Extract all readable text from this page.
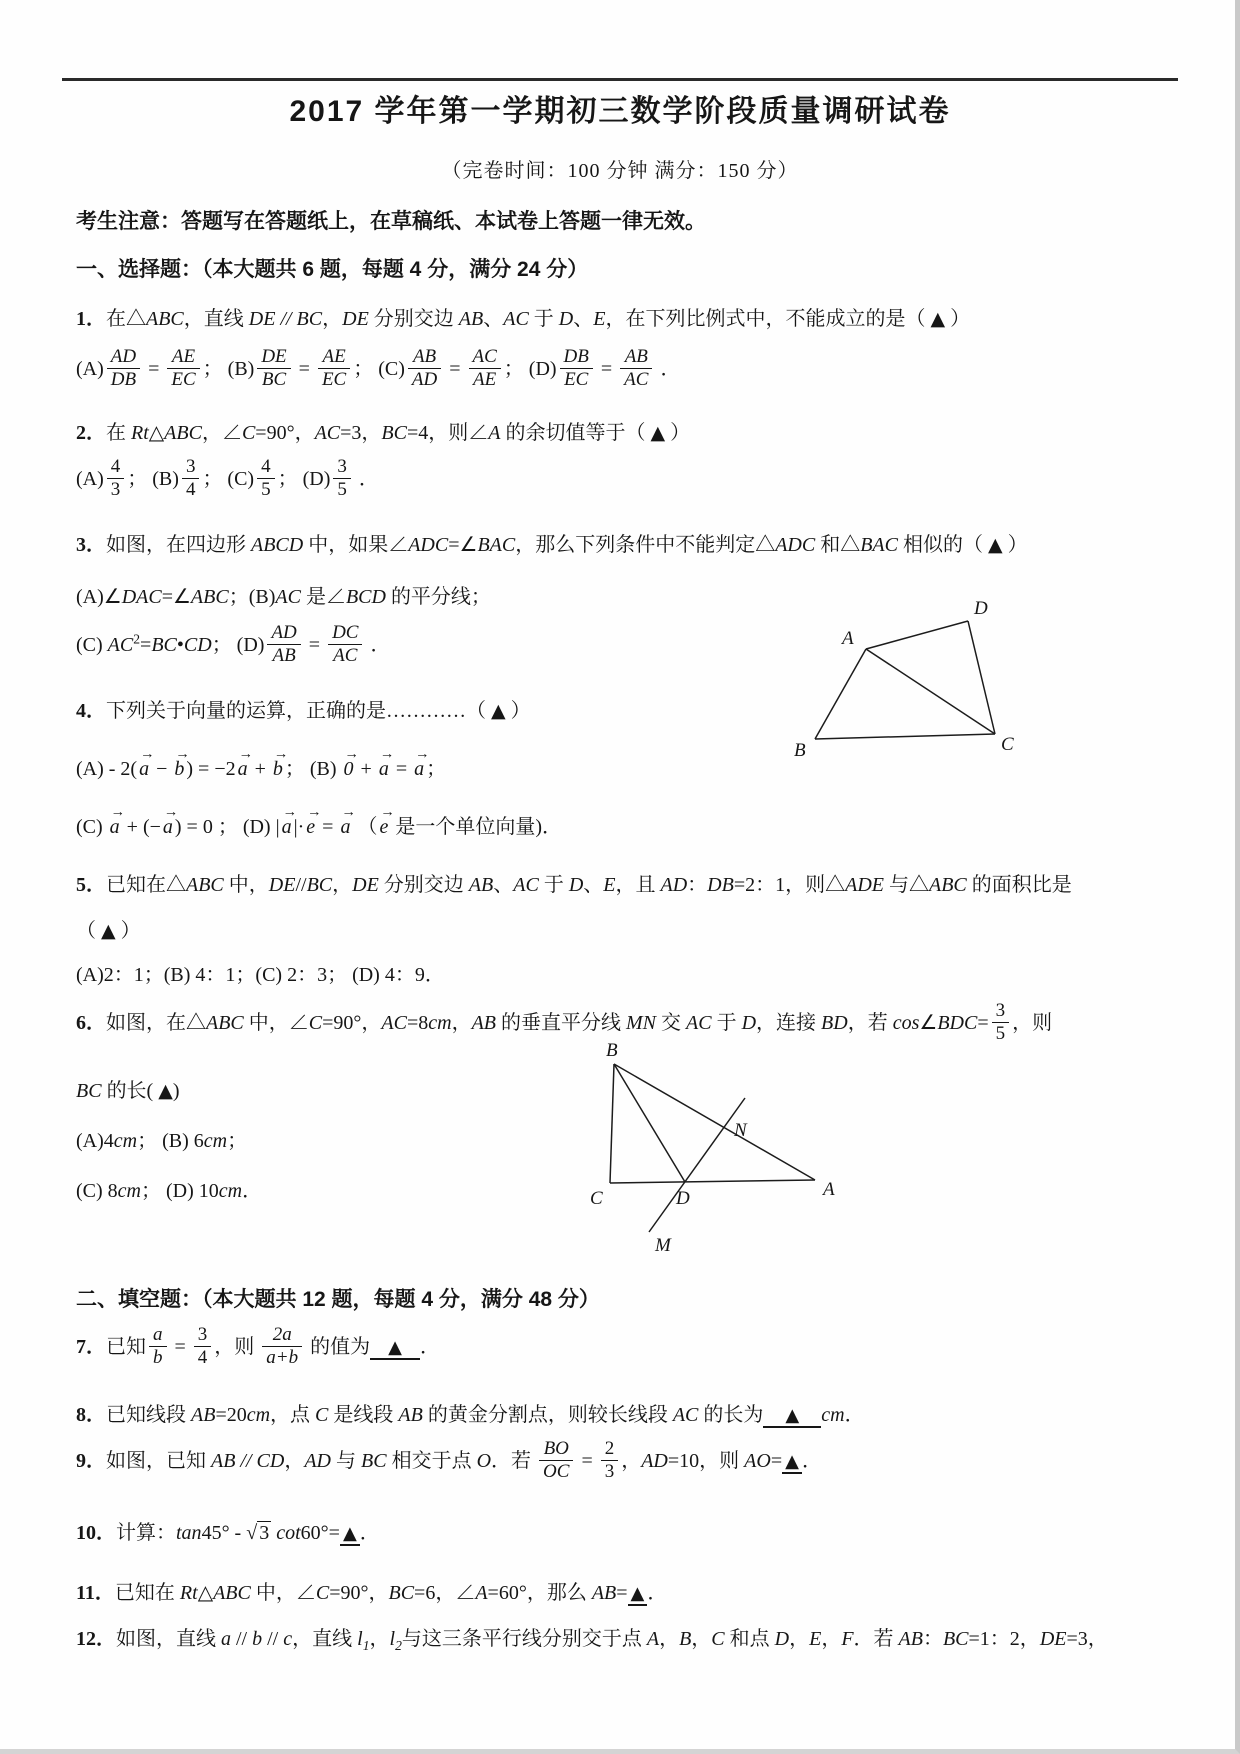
2017 学年第一学期初三数学阶段质量调研试卷
（完卷时间：100 分钟 满分：150 分）
考生注意：答题写在答题纸上，在草稿纸、本试卷上答题一律无效。
一、选择题：（本大题共 6 题，每题 4 分，满分 24 分）
1．在△ABC，直线 DE // BC，DE 分别交边 AB、AC 于 D、E，在下列比例式中，不能成立的是（ ▲ ）
$(A) \frac{AD}{DB} = \frac{AE}{EC}$ ； $(B) \frac{DE}{BC} = \frac{AE}{EC}$ ； $(C) \frac{AB}{AD} = \frac{AC}{AE}$ ； $(D) \frac{DB}{EC} = \frac{AB}{AC}$ ．
2．在 Rt△ABC，∠C=90°，AC=3，BC=4，则∠A 的余切值等于（ ▲ ）
$(A) \frac{4}{3}$ ； $(B) \frac{3}{4}$ ； $(C) \frac{4}{5}$ ； $(D) \frac{3}{5}$ ．
3．如图，在四边形 ABCD 中，如果∠ADC=∠BAC，那么下列条件中不能判定△ADC 和△BAC 相似的（ ▲ ）
(A)∠DAC=∠ABC；(B)AC 是∠BCD 的平分线；
(C) $AC^2=BC•CD$； $(D) \frac{AD}{AB} = \frac{DC}{AC}$ ．
4．下列关于向量的运算，正确的是…………（ ▲ ）
(A) - 2(
→
a −
→
b ) = −2
→
a +
→
b ； (B)
→
0 +
→
a =
→
a ；
(C)
→
a + (−
→
a ) = 0 ； (D) |
→
a |·
→
e =
→
a （
→
e 是一个单位向量)．
5．已知在△ABC 中，DE//BC，DE 分别交边 AB、AC 于 D、E，且 AD：DB=2：1，则△ADE 与△ABC 的面积比是
（ ▲ ）
(A)2：1；(B) 4：1；(C) 2：3； (D) 4：9．
6．如图，在△ABC 中，∠C=90°，AC=8cm，AB 的垂直平分线 MN 交 AC 于 D，连接 BD，若 cos∠BDC= $\frac{3}{5}$ ，则
BC 的长( ▲)
(A)4cm； (B) 6cm；
(C) 8cm； (D) 10cm．
二、填空题：（本大题共 12 题，每题 4 分，满分 48 分）
7．已知 $\frac{a}{b} = \frac{3}{4}$ ，则 $\frac{2a}{a+b}$ 的值为 ▲ ．
8．已知线段 AB=20cm，点 C 是线段 AB 的黄金分割点，则较长线段 AC 的长为 ▲ cm．
9．如图，已知 AB // CD，AD 与 BC 相交于点 O．若 $\frac{BO}{OC} = \frac{2}{3}$ ，AD=10，则 AO= ▲ ．
10．计算：tan45° - √ 3 cot60°= ▲ ．
11．已知在 Rt△ABC 中，∠C=90°，BC=6，∠A=60°，那么 AB= ▲ ．
12．如图，直线 a // b // c，直线 $l_1$，$l_2$与这三条平行线分别交于点 A，B，C 和点 D，E，F．若 AB：BC=1：2，DE=3，
A
D
B	C
B
C	A
D
N
M
